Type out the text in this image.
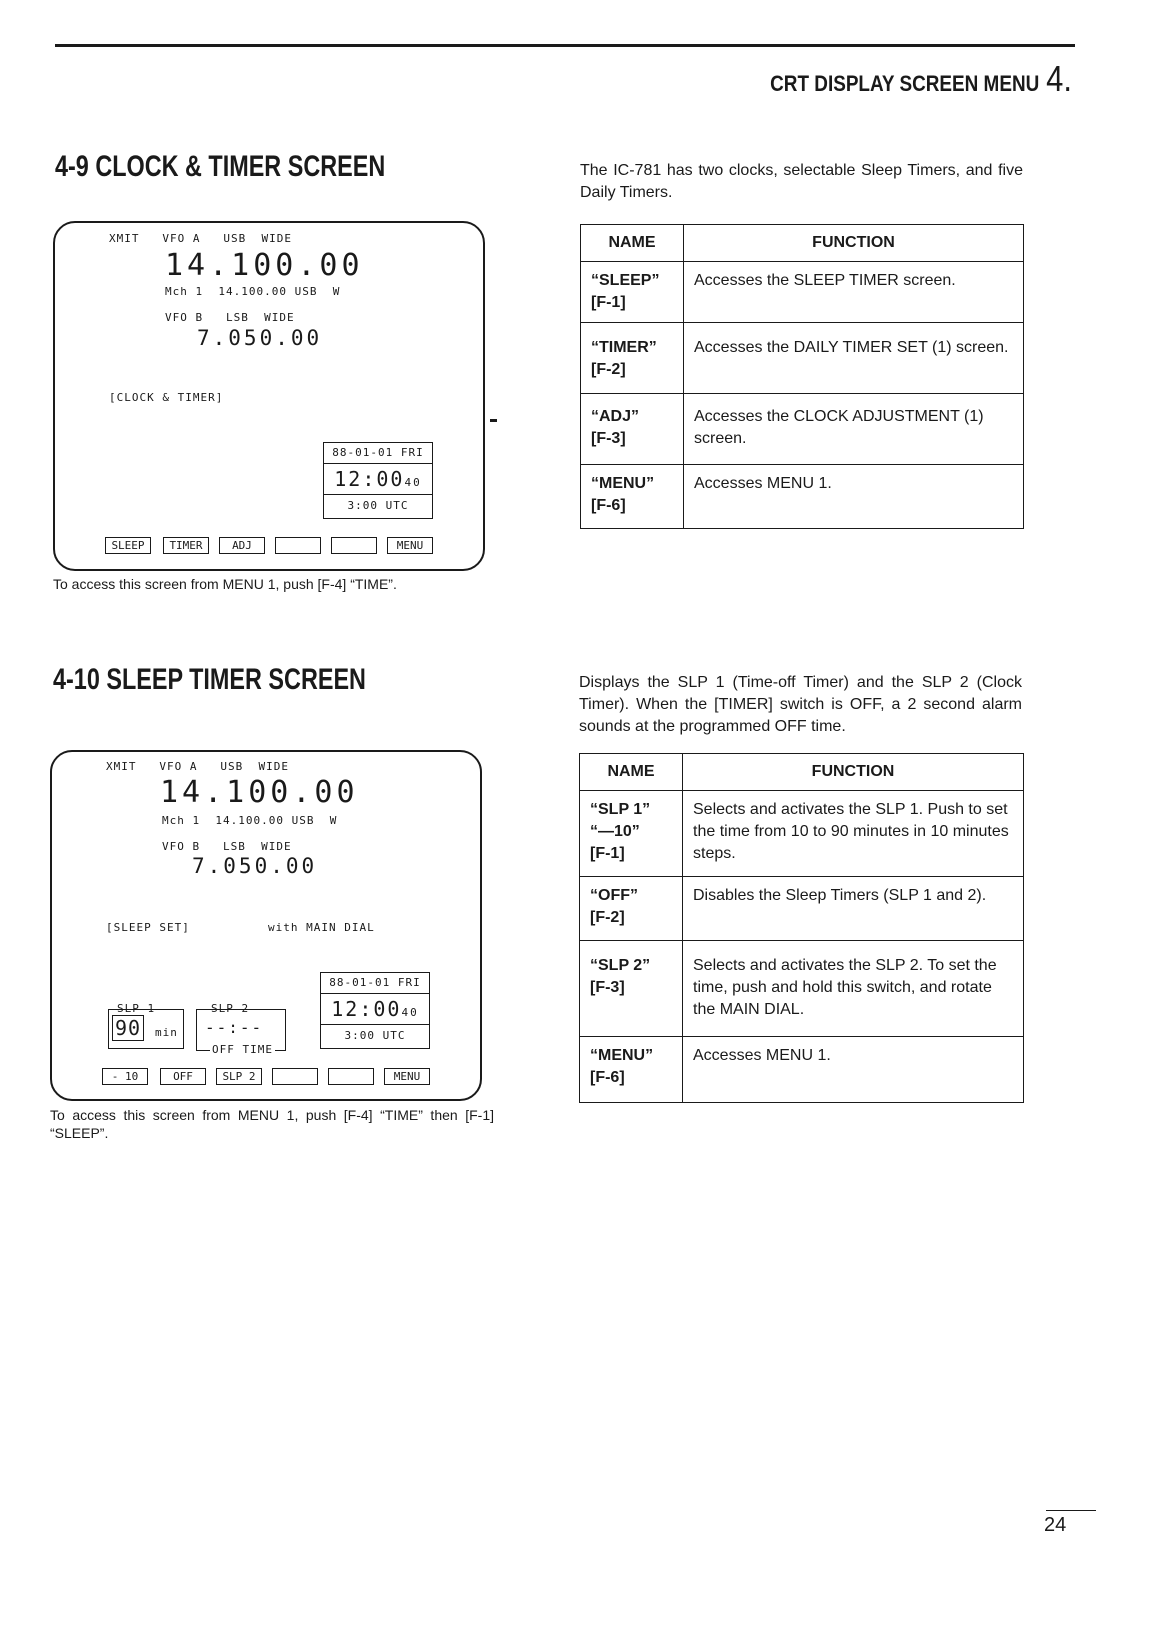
CRT DISPLAY SCREEN MENU 4.
4-9 CLOCK & TIMER SCREEN	The IC-781 has two clocks, selectable Sleep Timers, and five Daily Timers.
NAME	FUNCTION

“SLEEP”
[F-1]	Accesses the SLEEP TIMER screen.

“TIMER”
[F-2]	Accesses the DAILY TIMER SET (1) screen.

“ADJ”
[F-3]	Accesses the CLOCK ADJUSTMENT (1) screen.

“MENU”
[F-6]	Accesses MENU 1.
XMIT   VFO A   USB  WIDE
14.100.00
Mch 1  14.100.00 USB  W
VFO B   LSB  WIDE
7.050.00
[CLOCK & TIMER]
88-01-01 FRI
12:0040
3:00 UTC
SLEEP	TIMER	ADJ	MENU
To access this screen from MENU 1, push [F-4] “TIME”.
4-10 SLEEP TIMER SCREEN	Displays the SLP 1 (Time-off Timer) and the SLP 2 (Clock Timer). When the [TIMER] switch is OFF, a 2 second alarm sounds at the programmed OFF time.
NAME	FUNCTION

“SLP 1”
“—10”
[F-1]	Selects and activates the SLP 1. Push to set the time from 10 to 90 minutes in 10 minutes steps.

“OFF”
[F-2]	Disables the Sleep Timers (SLP 1 and 2).

“SLP 2”
[F-3]	Selects and activates the SLP 2. To set the time, push and hold this switch, and rotate the MAIN DIAL.

“MENU”
[F-6]	Accesses MENU 1.
XMIT   VFO A   USB  WIDE
14.100.00
Mch 1  14.100.00 USB  W
VFO B   LSB  WIDE
7.050.00
[SLEEP SET]	with MAIN DIAL
SLP 1
90 min
SLP 2
--:--
OFF TIME
88-01-01 FRI
12:0040
3:00 UTC
- 10	OFF	SLP 2	MENU
To access this screen from MENU 1, push [F-4] “TIME” then [F-1] “SLEEP”.
24
